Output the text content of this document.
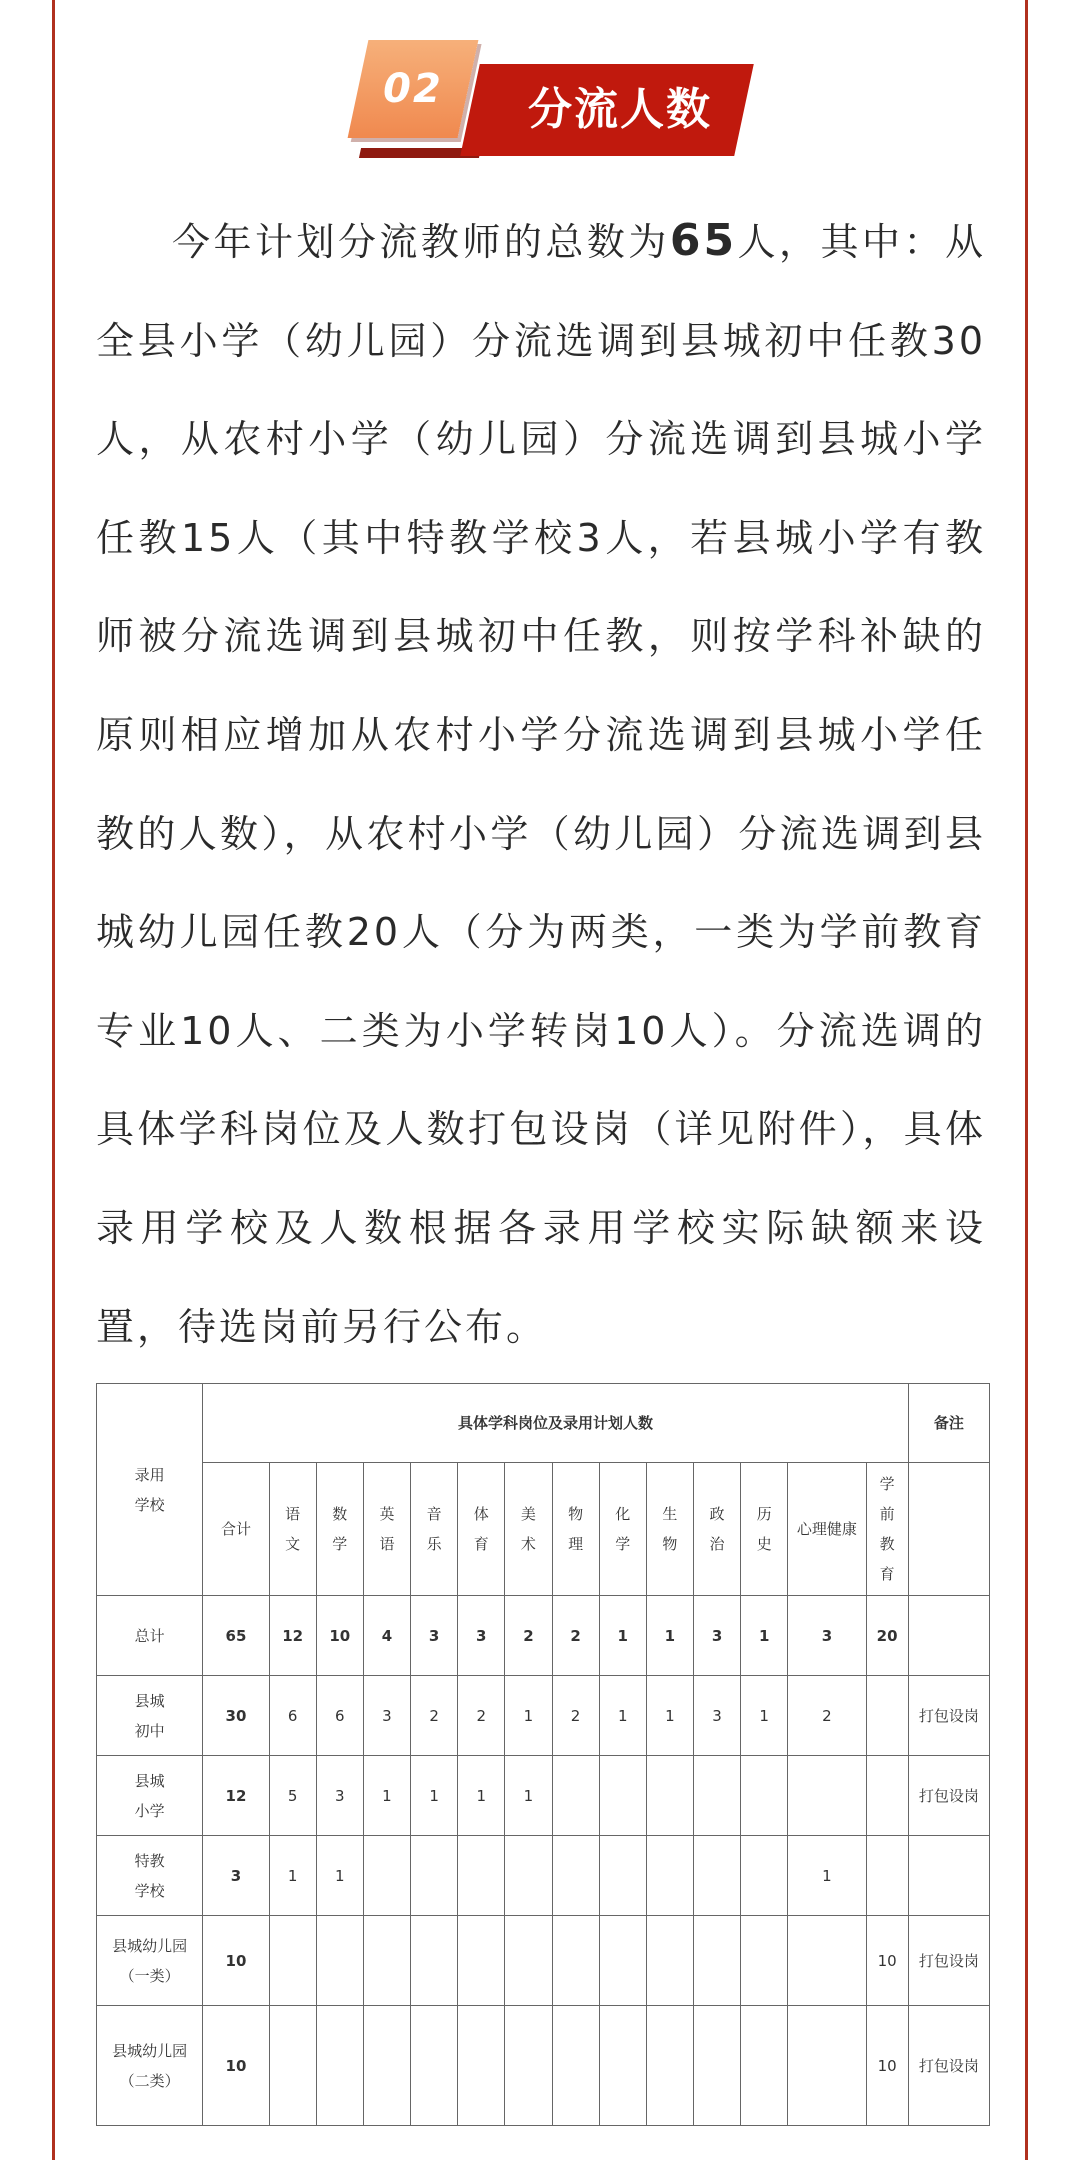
02	分流人数
今年计划分流教师的总数为65人，其中：从全县小学（幼儿园）分流选调到县城初中任教30人，从农村小学（幼儿园）分流选调到县城小学任教15人（其中特教学校3人，若县城小学有教师被分流选调到县城初中任教，则按学科补缺的原则相应增加从农村小学分流选调到县城小学任教的人数），从农村小学（幼儿园）分流选调到县城幼儿园任教20人（分为两类，一类为学前教育专业10人、二类为小学转岗10人）。分流选调的具体学科岗位及人数打包设岗（详见附件），具体录用学校及人数根据各录用学校实际缺额来设置，待选岗前另行公布。
录用
学校	具体学科岗位及录用计划人数														备注
	合计	语文	数学	英语	音乐	体育	美术	物理	化学	生物	政治	历史	心理健康	学前教育	
总计	65	12	10	4	3	3	2	2	1	1	3	1	3	20	
县城
初中	30	6	6	3	2	2	1	2	1	1	3	1	2		打包设岗
县城
小学	12	5	3	1	1	1	1								打包设岗
特教
学校	3	1	1										1		
县城幼儿园
（一类）	10													10	打包设岗
县城幼儿园
（二类）	10													10	打包设岗
